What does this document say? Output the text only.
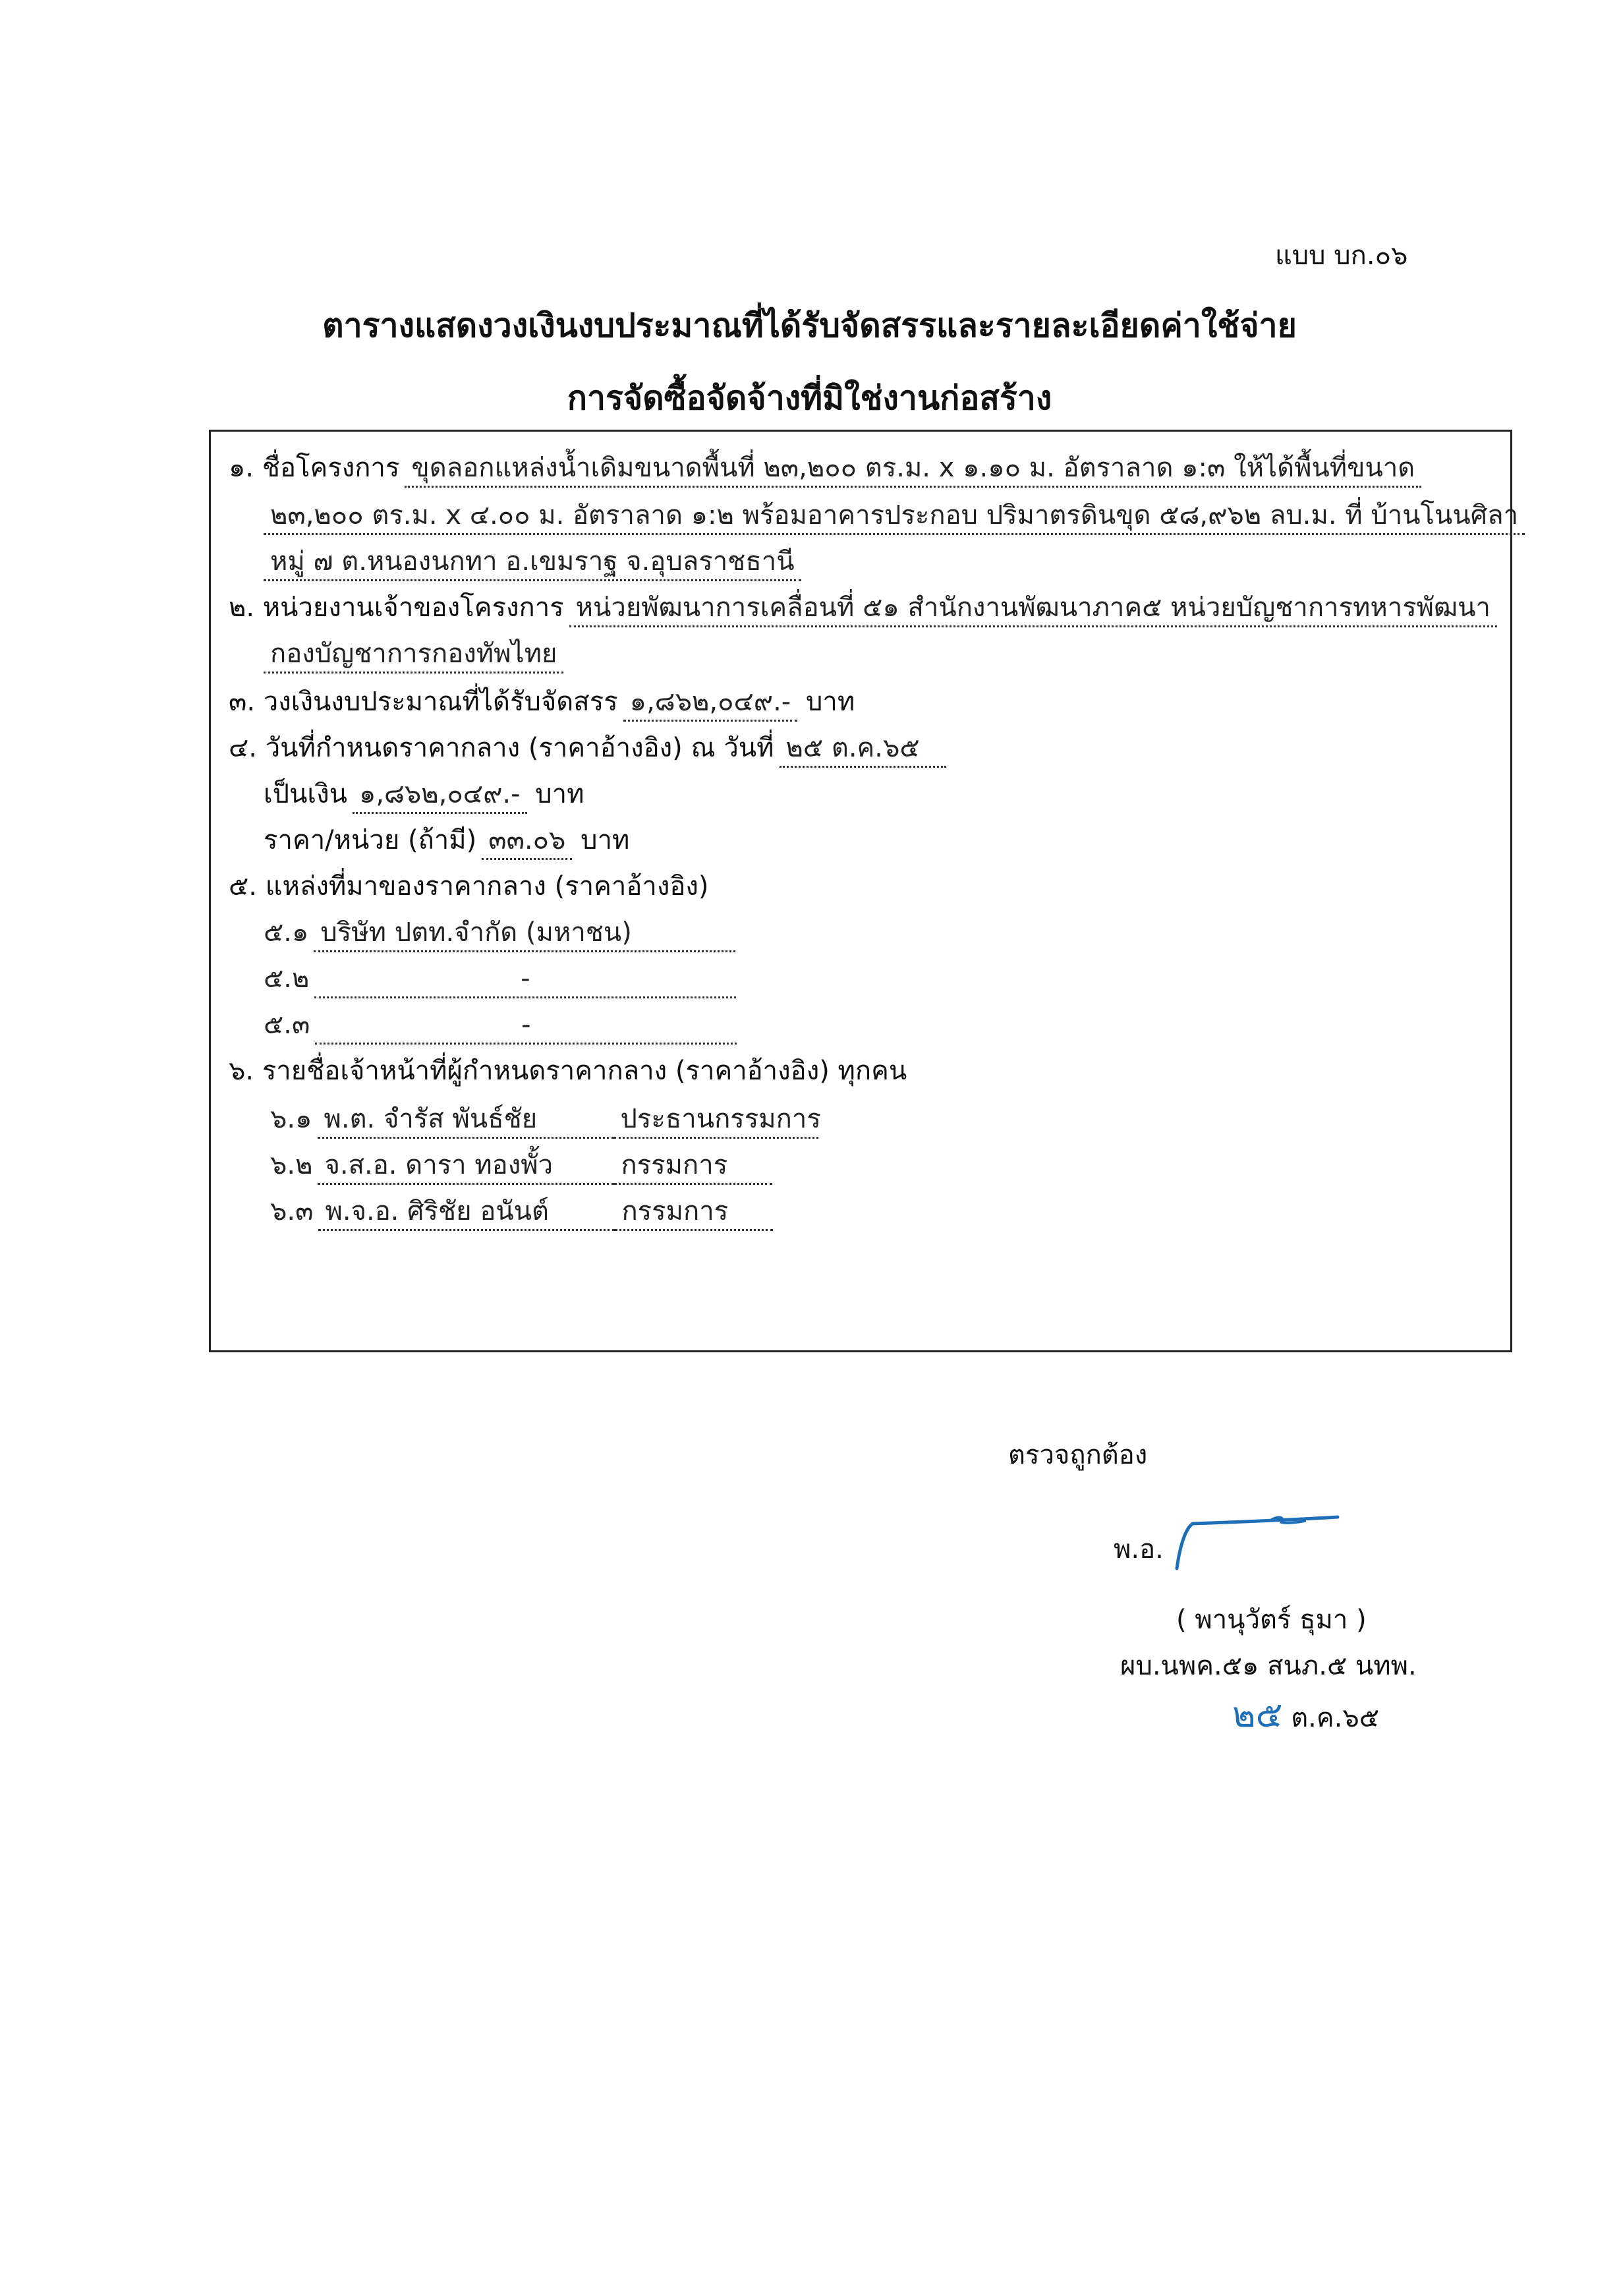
แบบ บก.๐๖
ตารางแสดงวงเงินงบประมาณที่ได้รับจัดสรรและรายละเอียดค่าใช้จ่าย
การจัดซื้อจัดจ้างที่มิใช่งานก่อสร้าง
๑. ชื่อโครงการ ขุดลอกแหล่งน้ำเดิมขนาดพื้นที่ ๒๓,๒๐๐ ตร.ม. x ๑.๑๐ ม. อัตราลาด ๑:๓ ให้ได้พื้นที่ขนาด
๒๓,๒๐๐ ตร.ม. x ๔.๐๐ ม. อัตราลาด ๑:๒ พร้อมอาคารประกอบ ปริมาตรดินขุด ๕๘,๙๖๒ ลบ.ม. ที่ บ้านโนนศิลา
หมู่ ๗ ต.หนองนกทา อ.เขมราฐ จ.อุบลราชธานี
๒. หน่วยงานเจ้าของโครงการ หน่วยพัฒนาการเคลื่อนที่ ๕๑ สำนักงานพัฒนาภาค๕ หน่วยบัญชาการทหารพัฒนา
กองบัญชาการกองทัพไทย
๓. วงเงินงบประมาณที่ได้รับจัดสรร ๑,๘๖๒,๐๔๙.- บาท
๔. วันที่กำหนดราคากลาง (ราคาอ้างอิง) ณ วันที่ ๒๕ ต.ค.๖๕
เป็นเงิน ๑,๘๖๒,๐๔๙.- บาท
ราคา/หน่วย (ถ้ามี) ๓๓.๐๖ บาท
๕. แหล่งที่มาของราคากลาง (ราคาอ้างอิง)
๕.๑ บริษัท ปตท.จำกัด (มหาชน)
๕.๒	-
๕.๓	-
๖. รายชื่อเจ้าหน้าที่ผู้กำหนดราคากลาง (ราคาอ้างอิง) ทุกคน
๖.๑ พ.ต. จำรัส พันธ์ชัย	ประธานกรรมการ
๖.๒ จ.ส.อ. ดารา ทองพั้ว	กรรมการ
๖.๓ พ.จ.อ. ศิริชัย อนันต์	กรรมการ
ตรวจถูกต้อง
พ.อ.
( พานุวัตร์ ธุมา )
ผบ.นพค.๕๑ สนภ.๕ นทพ.
๒๕ ต.ค.๖๕
